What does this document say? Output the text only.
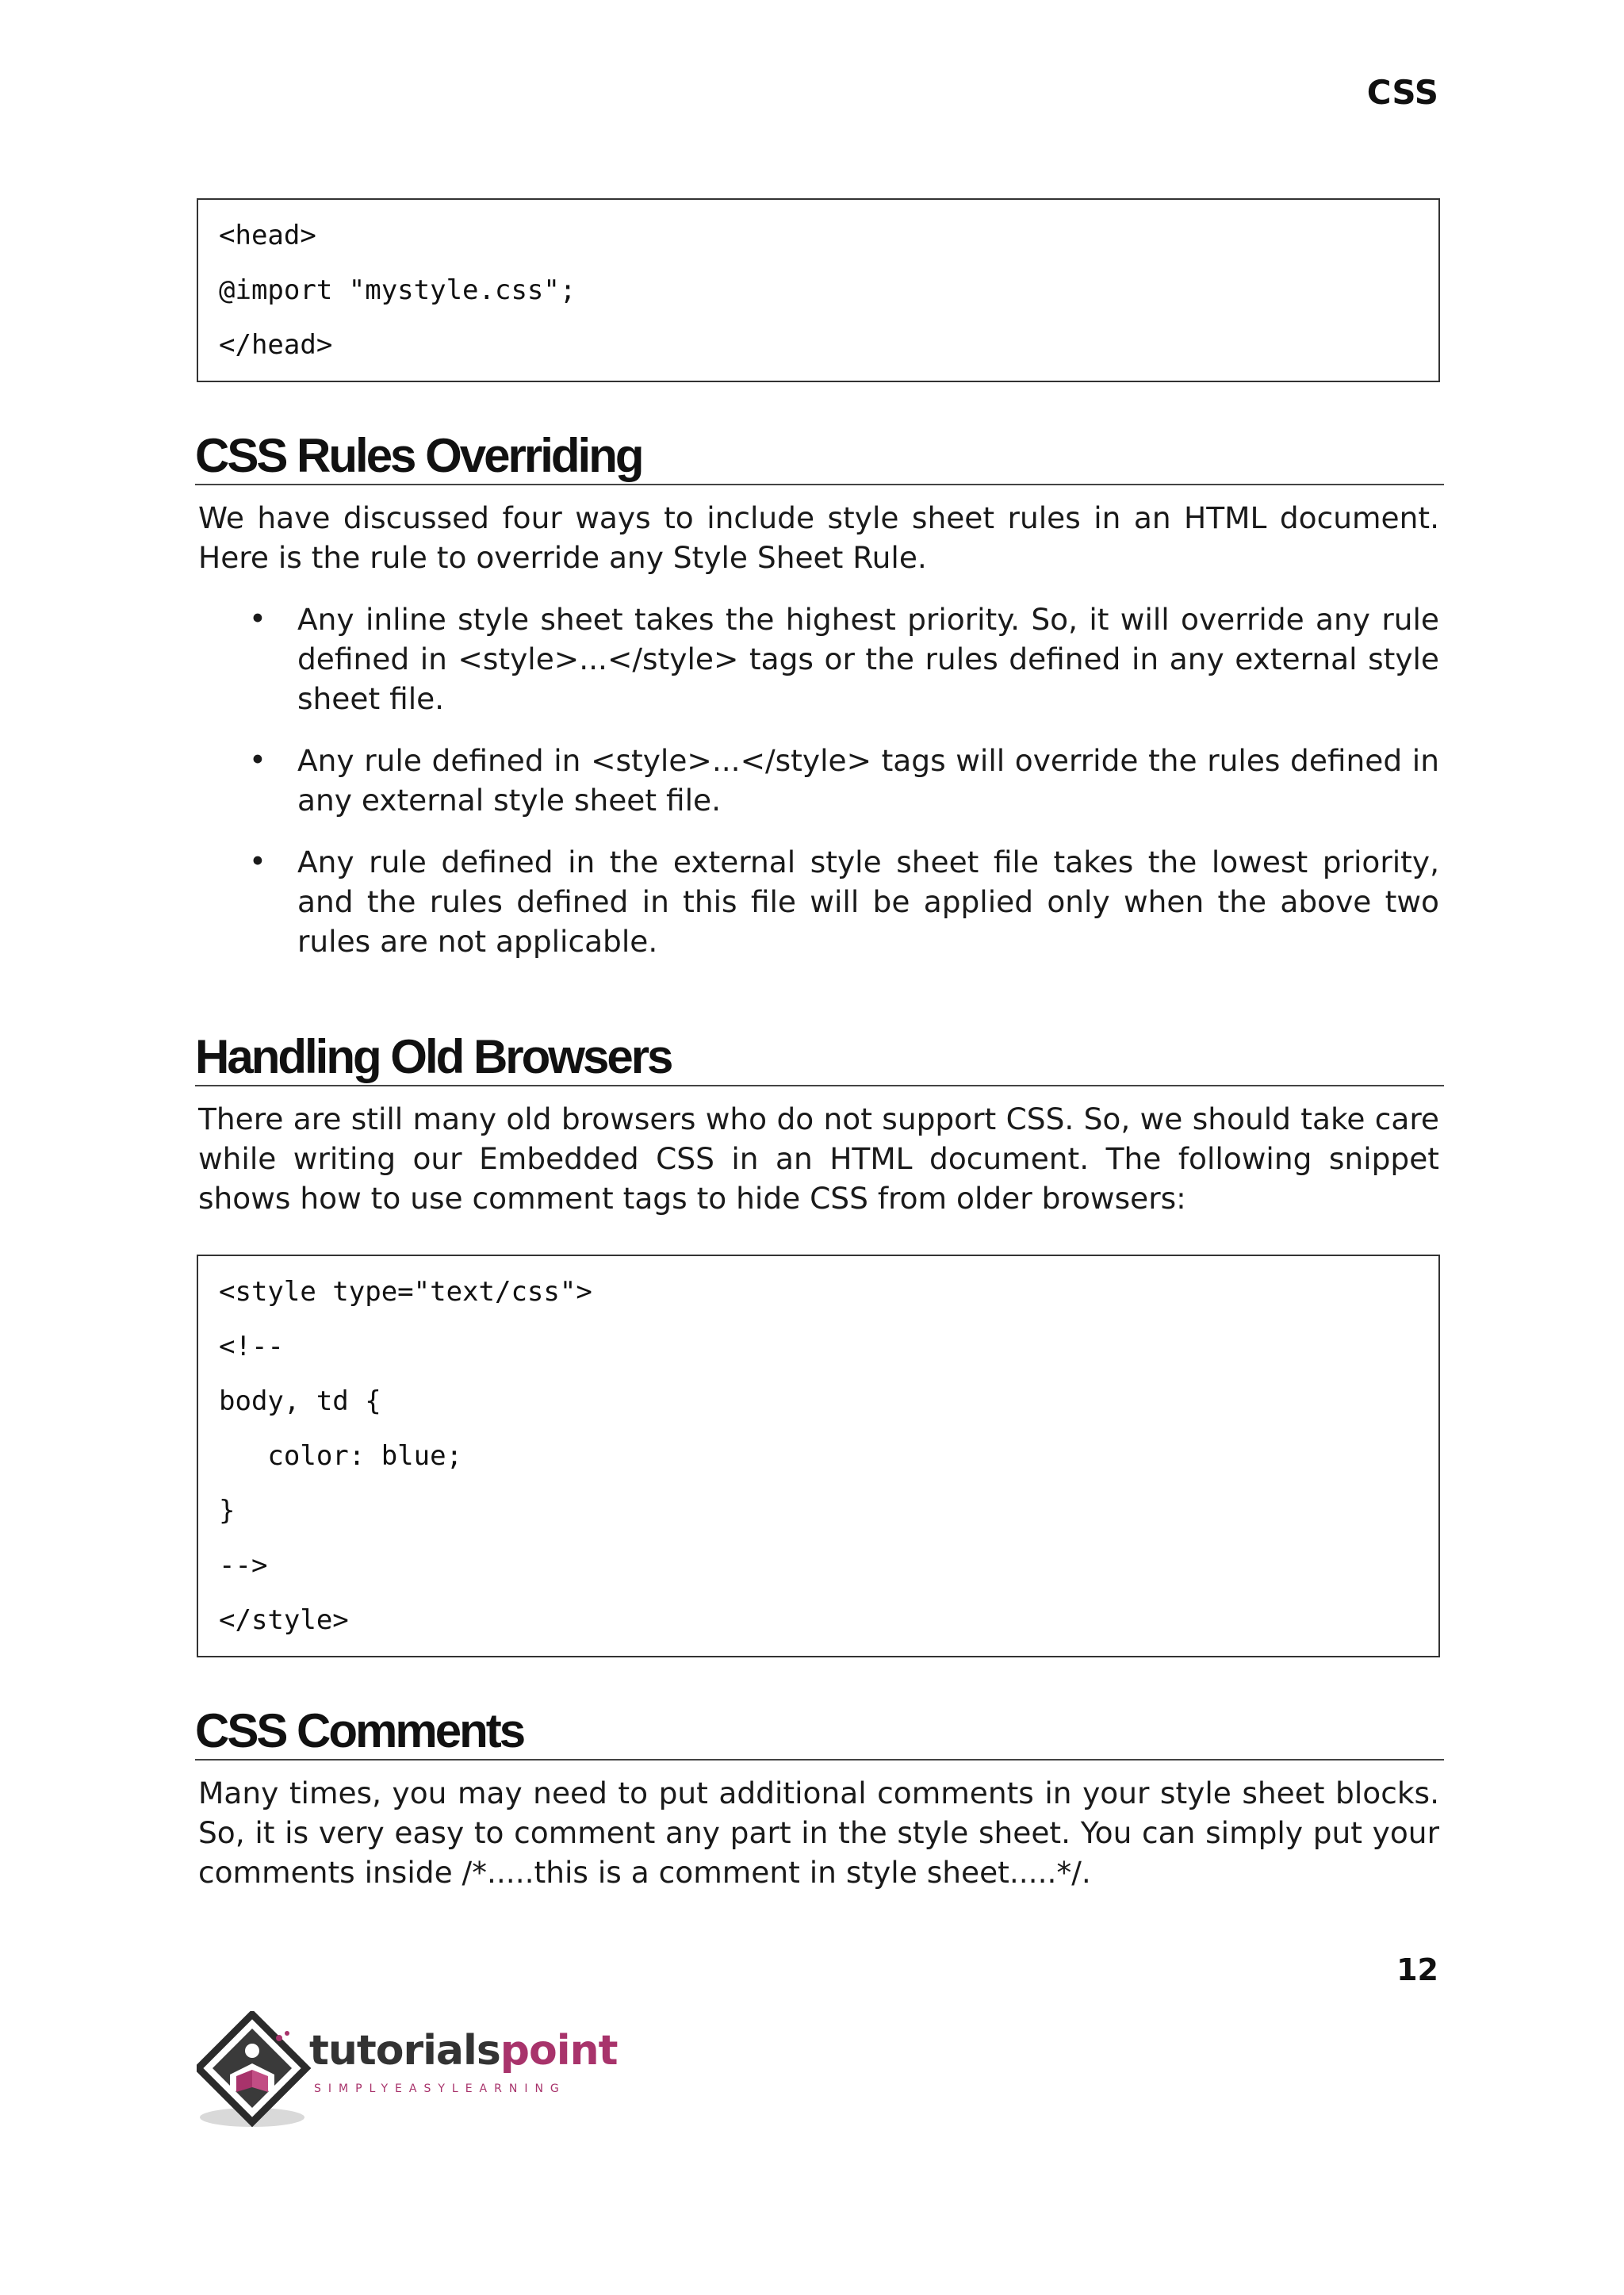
CSS
<head>
@import "mystyle.css";
</head>
CSS Rules Overriding

We have discussed four ways to include style sheet rules in an HTML document. Here is the rule to override any Style Sheet Rule.

• Any inline style sheet takes the highest priority. So, it will override any rule defined in <style>...</style> tags or the rules defined in any external style sheet file.
• Any rule defined in <style>...</style> tags will override the rules defined in any external style sheet file.
• Any rule defined in the external style sheet file takes the lowest priority, and the rules defined in this file will be applied only when the above two rules are not applicable.
Handling Old Browsers

There are still many old browsers who do not support CSS. So, we should take care while writing our Embedded CSS in an HTML document. The following snippet shows how to use comment tags to hide CSS from older browsers:

<style type="text/css">
<!--
body, td {
color: blue;
}
-->
</style>
CSS Comments

Many times, you may need to put additional comments in your style sheet blocks. So, it is very easy to comment any part in the style sheet. You can simply put your comments inside /*.....this is a comment in style sheet.....*/.

12
tutorialspoint
SIMPLYEASYLEARNING
